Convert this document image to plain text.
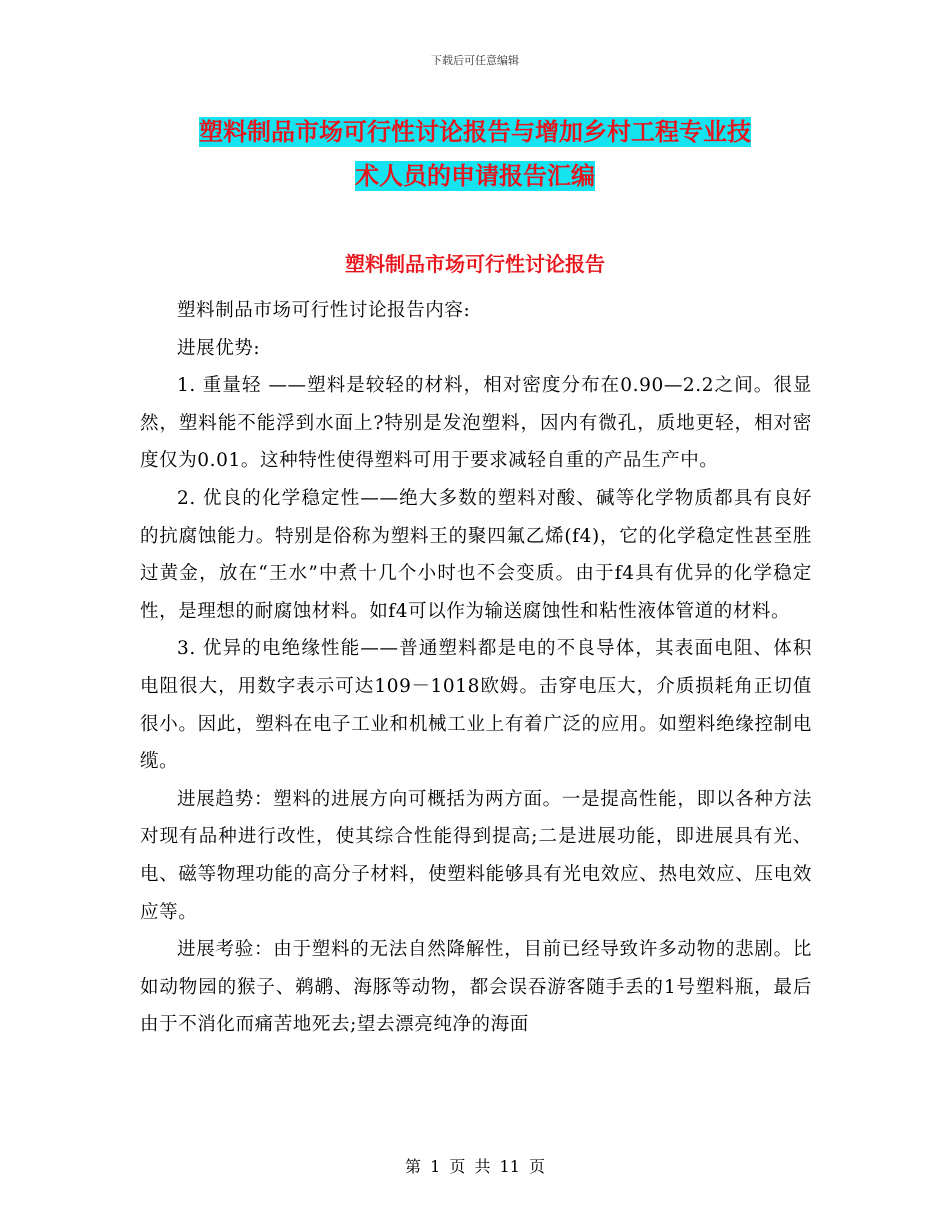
下载后可任意编辑
塑料制品市场可行性讨论报告与增加乡村工程专业技
术人员的申请报告汇编
塑料制品市场可行性讨论报告

塑料制品市场可行性讨论报告内容:

进展优势:

1. 重量轻 ——塑料是较轻的材料，相对密度分布在0.90—2.2之间。很显然，塑料能不能浮到水面上?特别是发泡塑料，因内有微孔，质地更轻，相对密度仅为0.01。这种特性使得塑料可用于要求减轻自重的产品生产中。

2. 优良的化学稳定性——绝大多数的塑料对酸、碱等化学物质都具有良好的抗腐蚀能力。特别是俗称为塑料王的聚四氟乙烯(f4)，它的化学稳定性甚至胜过黄金，放在“王水”中煮十几个小时也不会变质。由于f4具有优异的化学稳定性，是理想的耐腐蚀材料。如f4可以作为输送腐蚀性和粘性液体管道的材料。

3. 优异的电绝缘性能——普通塑料都是电的不良导体，其表面电阻、体积电阻很大，用数字表示可达109－1018欧姆。击穿电压大，介质损耗角正切值很小。因此，塑料在电子工业和机械工业上有着广泛的应用。如塑料绝缘控制电缆。

进展趋势：塑料的进展方向可概括为两方面。一是提高性能，即以各种方法对现有品种进行改性，使其综合性能得到提高;二是进展功能，即进展具有光、电、磁等物理功能的高分子材料，使塑料能够具有光电效应、热电效应、压电效应等。

进展考验：由于塑料的无法自然降解性，目前已经导致许多动物的悲剧。比如动物园的猴子、鹈鹕、海豚等动物，都会误吞游客随手丢的1号塑料瓶，最后由于不消化而痛苦地死去;望去漂亮纯净的海面

第 1 页 共 11 页
